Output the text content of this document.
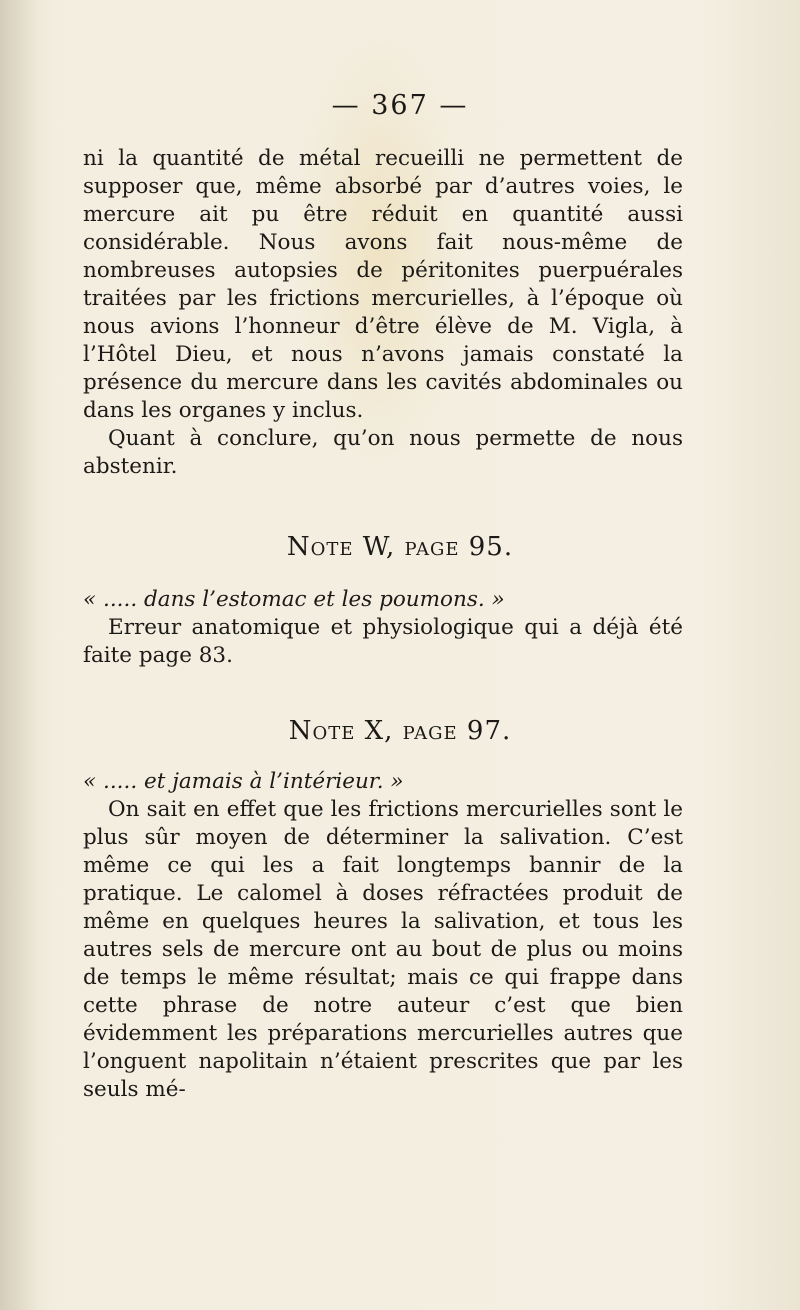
— 367 —

ni la quantité de métal recueilli ne permettent de supposer que, même absorbé par d’autres voies, le mercure ait pu être réduit en quantité aussi considérable. Nous avons fait nous-même de nombreuses autopsies de péritonites puerpuérales traitées par les frictions mercurielles, à l’époque où nous avions l’honneur d’être élève de M. Vigla, à l’Hôtel Dieu, et nous n’avons jamais constaté la présence du mercure dans les cavités abdominales ou dans les organes y inclus.

Quant à conclure, qu’on nous permette de nous abstenir.

Note W, page 95.

« ..... dans l’estomac et les poumons. »

Erreur anatomique et physiologique qui a déjà été faite page 83.

Note X, page 97.

« ..... et jamais à l’intérieur. »

On sait en effet que les frictions mercurielles sont le plus sûr moyen de déterminer la salivation. C’est même ce qui les a fait longtemps bannir de la pratique. Le calomel à doses réfractées produit de même en quelques heures la salivation, et tous les autres sels de mercure ont au bout de plus ou moins de temps le même résultat; mais ce qui frappe dans cette phrase de notre auteur c’est que bien évidemment les préparations mercurielles autres que l’onguent napolitain n’étaient prescrites que par les seuls mé-
